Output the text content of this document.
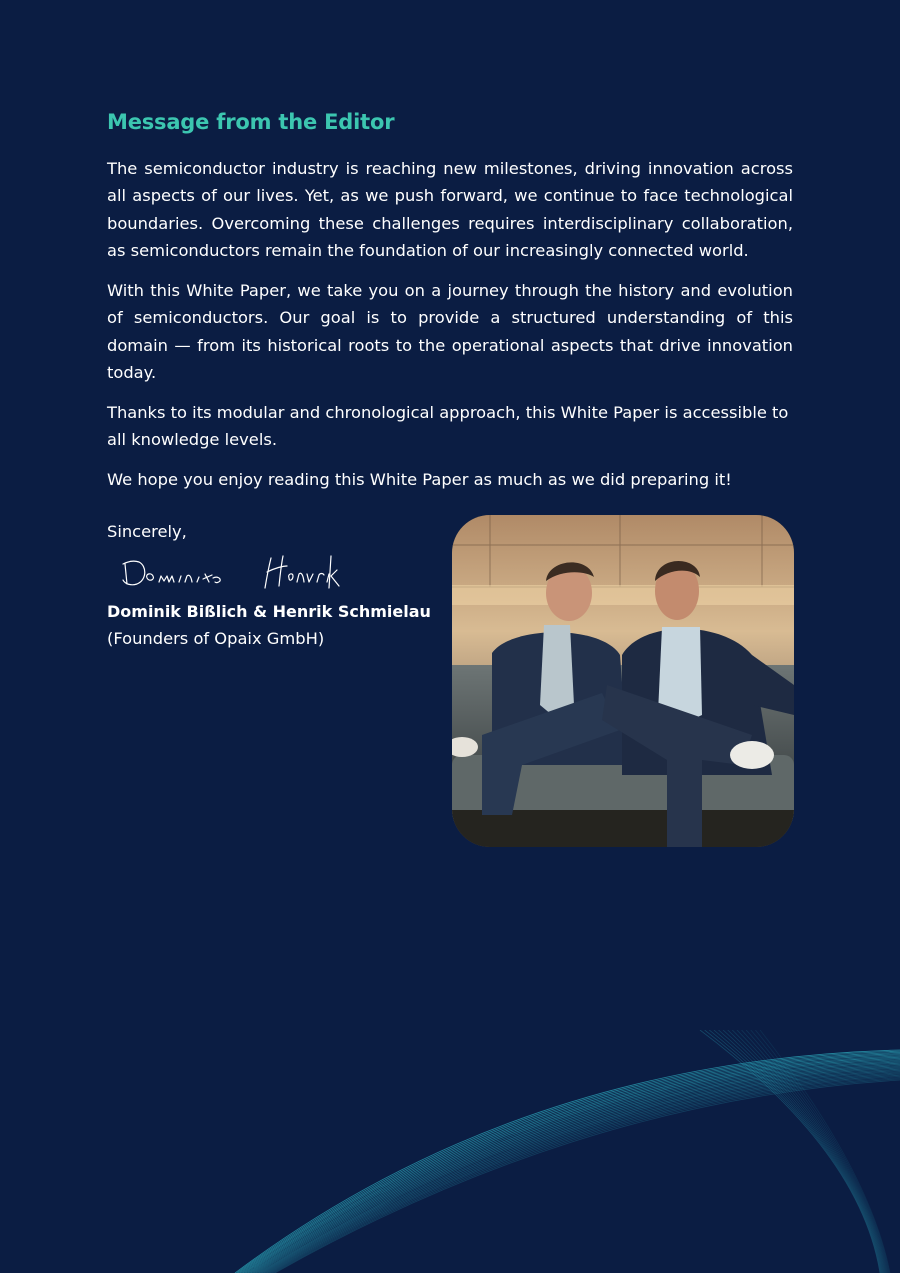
Message from the Editor

The semiconductor industry is reaching new milestones, driving innovation across all aspects of our lives. Yet, as we push forward, we continue to face technological boundaries. Overcoming these challenges requires interdisciplinary collaboration, as semiconductors remain the foundation of our increasingly connected world.

With this White Paper, we take you on a journey through the history and evolution of semiconductors. Our goal is to provide a structured understanding of this domain — from its historical roots to the operational aspects that drive innovation today.

Thanks to its modular and chronological approach, this White Paper is accessible to all knowledge levels.

We hope you enjoy reading this White Paper as much as we did preparing it!

Sincerely,
Dominik Bißlich & Henrik Schmielau
(Founders of Opaix GmbH)
